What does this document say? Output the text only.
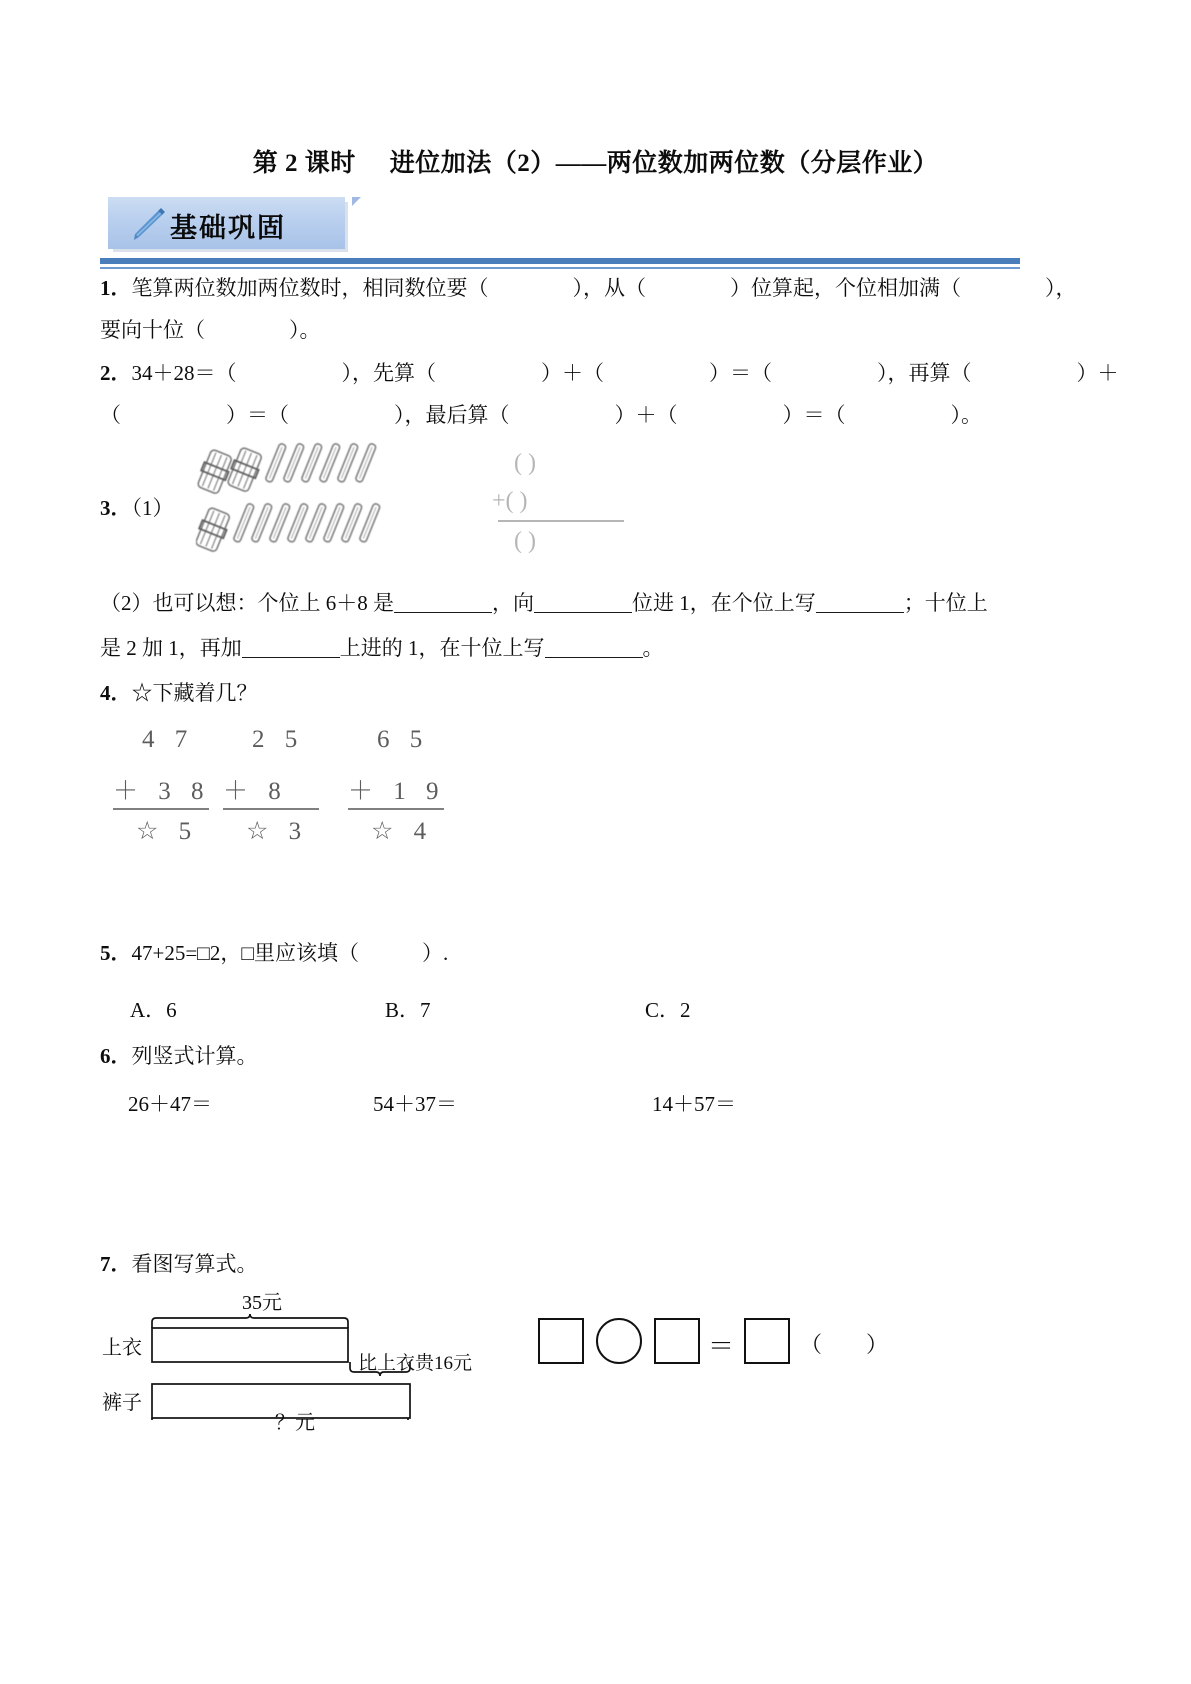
第 2 课时 进位加法（2）——两位数加两位数（分层作业）
基础巩固
1．笔算两位数加两位数时，相同数位要（　　　　），从（　　　　）位算起，个位相加满（　　　　），
要向十位（　　　　）。
2．34＋28＝（　　　　　），先算（　　　　　）＋（　　　　　）＝（　　　　　），再算（　　　　　）＋
（　　　　　）＝（　　　　　），最后算（　　　　　）＋（　　　　　）＝（　　　　　）。
3．（1）
( )
+( )
( )
（2）也可以想：个位上 6＋8 是	，向	位进 1，在个位上写	；十位上
是 2 加 1，再加	上进的 1，在十位上写	。
4．☆下藏着几？
4 7
＋ 3 8
☆ 5
2 5
＋ 8
☆ 3
6 5
＋ 1 9
☆ 4
5．47+25=□2，□里应该填（　　　）.
A．6	B．7	C．2
6．列竖式计算。
26＋47＝	54＋37＝	14＋57＝
7．看图写算式。
35元
上衣
裤子
比上衣贵16元
？元
＝	（　　）
